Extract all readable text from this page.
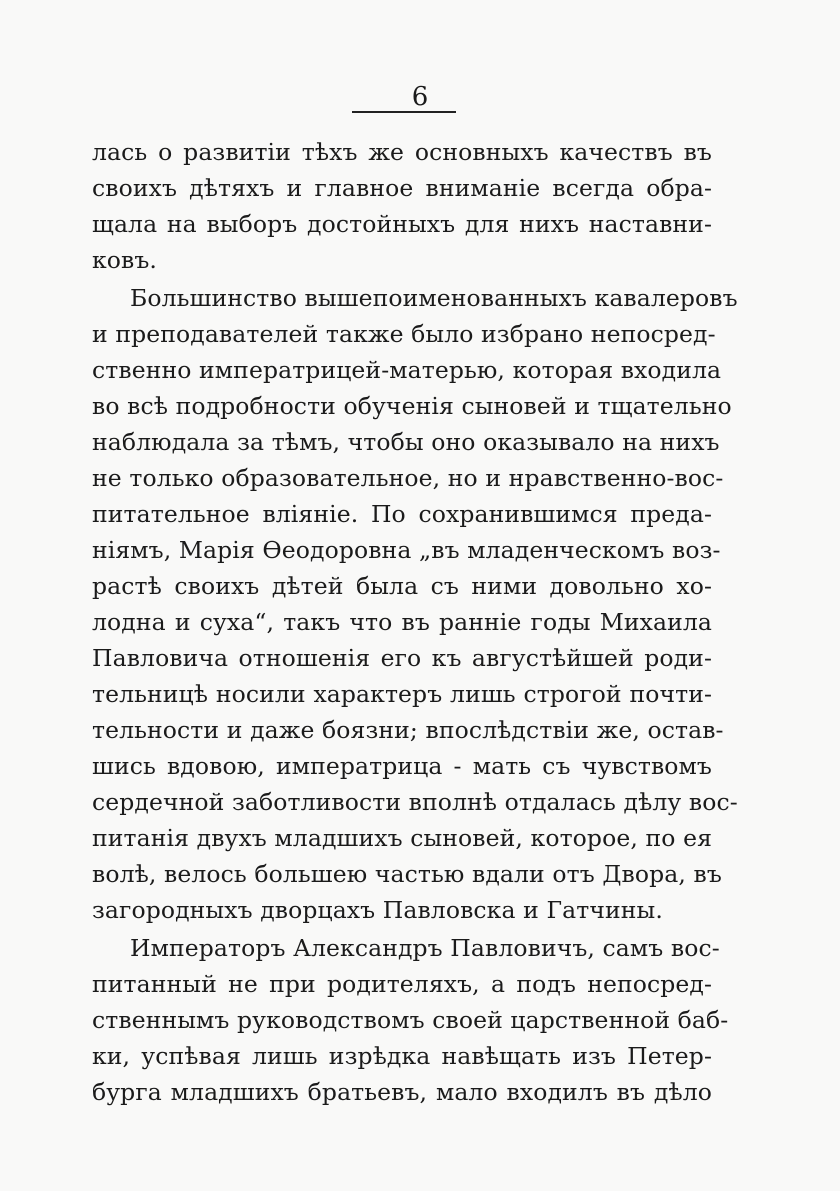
6
лась о развитіи тѣхъ же основныхъ качествъ въ
своихъ дѣтяхъ и главное вниманіе всегда обра-
щала на выборъ достойныхъ для нихъ наставни-
ковъ.
Большинство вышепоименованныхъ кавалеровъ
и преподавателей также было избрано непосред-
ственно императрицей-матерью, которая входила
во всѣ подробности обученія сыновей и тщательно
наблюдала за тѣмъ, чтобы оно оказывало на нихъ
не только образовательное, но и нравственно-вос-
питательное вліяніе. По сохранившимся преда-
ніямъ, Марія Ѳеодоровна „въ младенческомъ воз-
растѣ своихъ дѣтей была съ ними довольно хо-
лодна и суха“, такъ что въ ранніе годы Михаила
Павловича отношенія его къ августѣйшей роди-
тельницѣ носили характеръ лишь строгой почти-
тельности и даже боязни; впослѣдствіи же, остав-
шись вдовою, императрица - мать съ чувствомъ
сердечной заботливости вполнѣ отдалась дѣлу вос-
питанія двухъ младшихъ сыновей, которое, по ея
волѣ, велось большею частью вдали отъ Двора, въ
загородныхъ дворцахъ Павловска и Гатчины.
Императоръ Александръ Павловичъ, самъ вос-
питанный не при родителяхъ, а подъ непосред-
ственнымъ руководствомъ своей царственной баб-
ки, успѣвая лишь изрѣдка навѣщать изъ Петер-
бурга младшихъ братьевъ, мало входилъ въ дѣло
